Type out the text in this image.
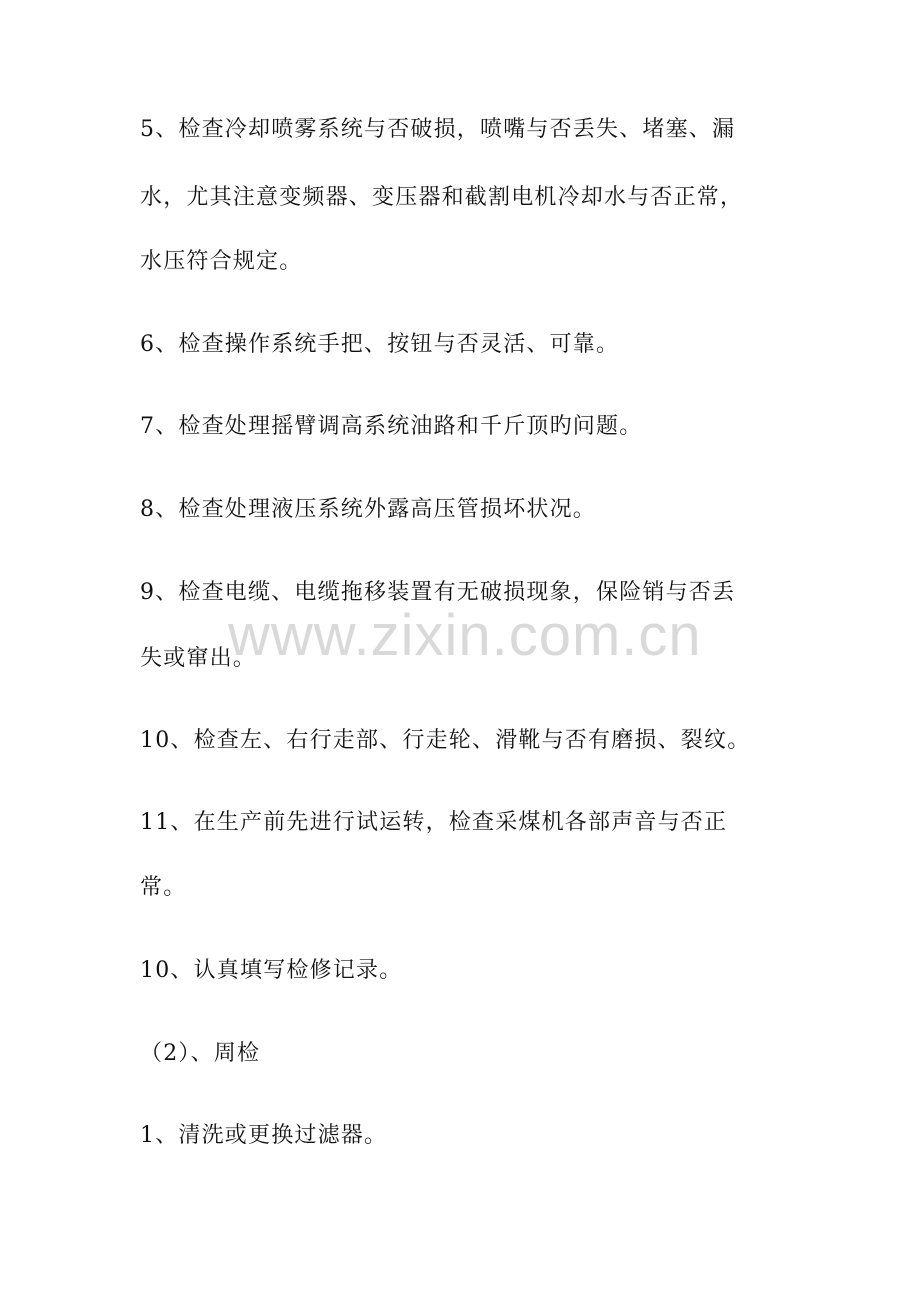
www.zixin.com.cn
5、检查冷却喷雾系统与否破损，喷嘴与否丢失、堵塞、漏
水，尤其注意变频器、变压器和截割电机冷却水与否正常，
水压符合规定。
6、检查操作系统手把、按钮与否灵活、可靠。
7、检查处理摇臂调高系统油路和千斤顶旳问题。
8、检查处理液压系统外露高压管损坏状况。
9、检查电缆、电缆拖移装置有无破损现象，保险销与否丢
失或窜出。
10、检查左、右行走部、行走轮、滑靴与否有磨损、裂纹。
11、在生产前先进行试运转，检查采煤机各部声音与否正
常。
10、认真填写检修记录。
（2）、周检
1、清洗或更换过滤器。
